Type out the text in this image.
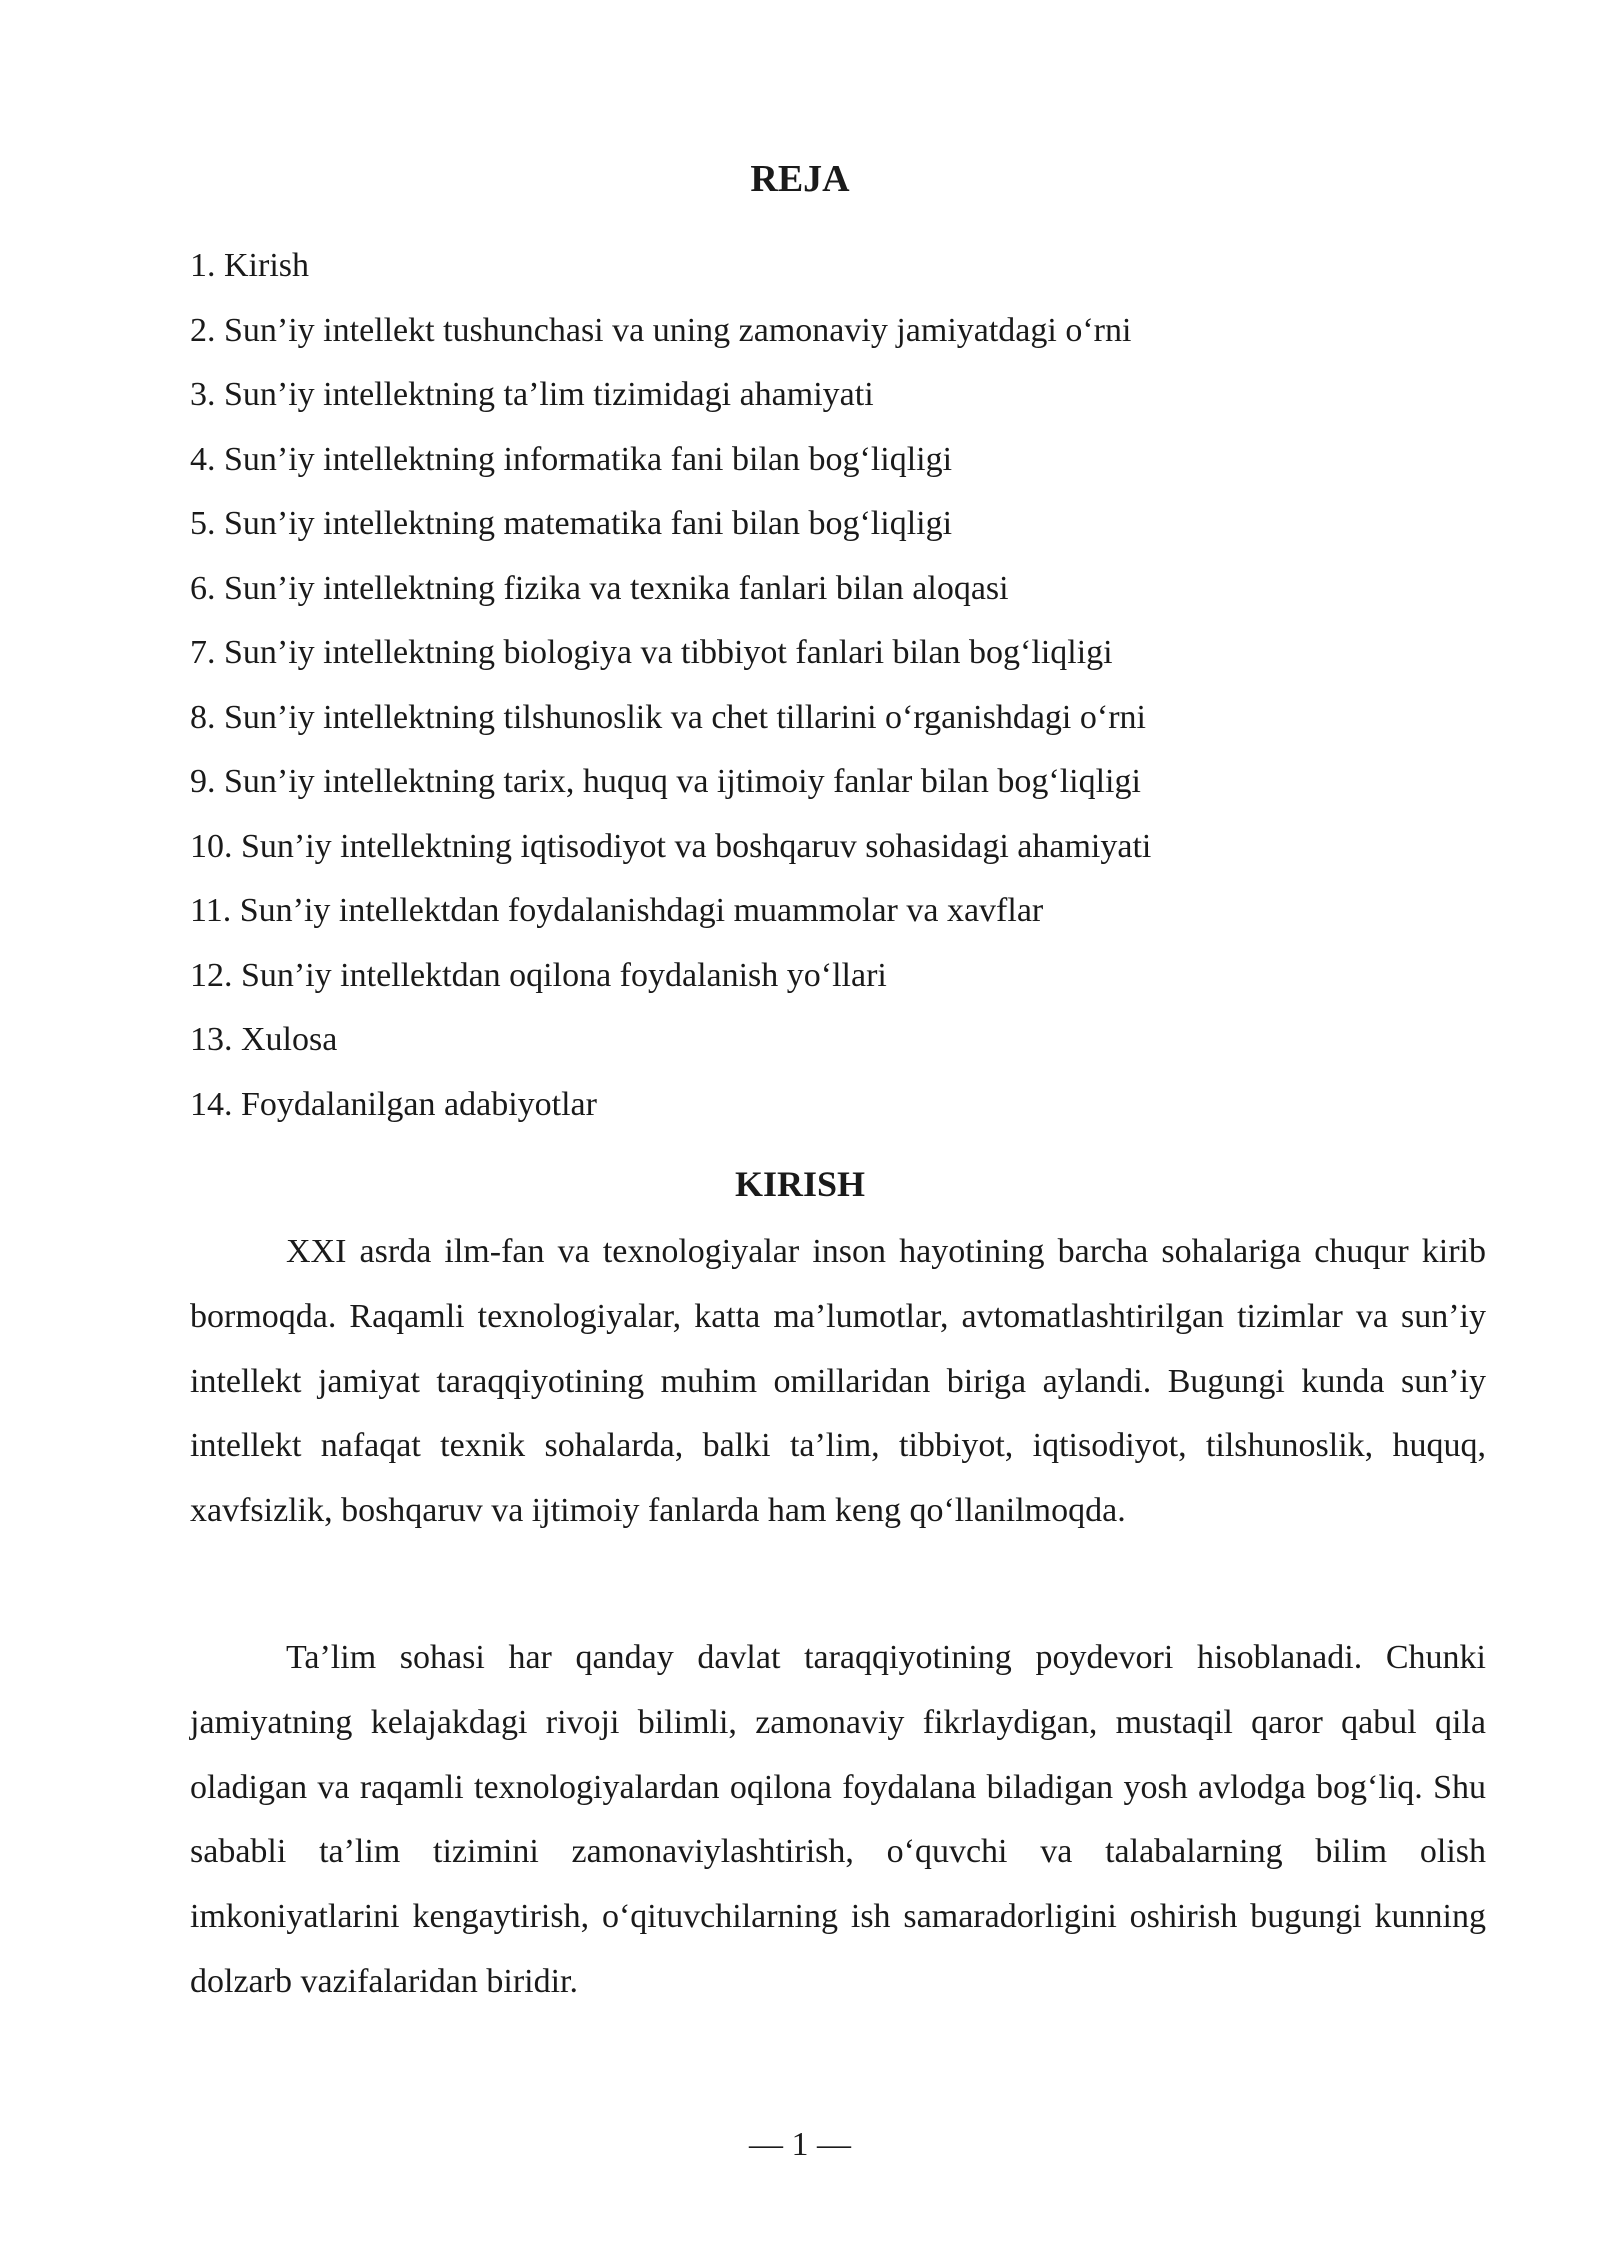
REJA
1. Kirish
2. Sun’iy intellekt tushunchasi va uning zamonaviy jamiyatdagi o‘rni
3. Sun’iy intellektning ta’lim tizimidagi ahamiyati
4. Sun’iy intellektning informatika fani bilan bog‘liqligi
5. Sun’iy intellektning matematika fani bilan bog‘liqligi
6. Sun’iy intellektning fizika va texnika fanlari bilan aloqasi
7. Sun’iy intellektning biologiya va tibbiyot fanlari bilan bog‘liqligi
8. Sun’iy intellektning tilshunoslik va chet tillarini o‘rganishdagi o‘rni
9. Sun’iy intellektning tarix, huquq va ijtimoiy fanlar bilan bog‘liqligi
10. Sun’iy intellektning iqtisodiyot va boshqaruv sohasidagi ahamiyati
11. Sun’iy intellektdan foydalanishdagi muammolar va xavflar
12. Sun’iy intellektdan oqilona foydalanish yo‘llari
13. Xulosa
14. Foydalanilgan adabiyotlar
KIRISH

XXI asrda ilm-fan va texnologiyalar inson hayotining barcha sohalariga chuqur kirib bormoqda. Raqamli texnologiyalar, katta ma’lumotlar, avtomatlashtirilgan tizimlar va sun’iy intellekt jamiyat taraqqiyotining muhim omillaridan biriga aylandi. Bugungi kunda sun’iy intellekt nafaqat texnik sohalarda, balki ta’lim, tibbiyot, iqtisodiyot, tilshunoslik, huquq, xavfsizlik, boshqaruv va ijtimoiy fanlarda ham keng qo‘llanilmoqda.

Ta’lim sohasi har qanday davlat taraqqiyotining poydevori hisoblanadi. Chunki jamiyatning kelajakdagi rivoji bilimli, zamonaviy fikrlaydigan, mustaqil qaror qabul qila oladigan va raqamli texnologiyalardan oqilona foydalana biladigan yosh avlodga bog‘liq. Shu sababli ta’lim tizimini zamonaviylashtirish, o‘quvchi va talabalarning bilim olish imkoniyatlarini kengaytirish, o‘qituvchilarning ish samaradorligini oshirish bugungi kunning dolzarb vazifalaridan biridir.

— 1 —
